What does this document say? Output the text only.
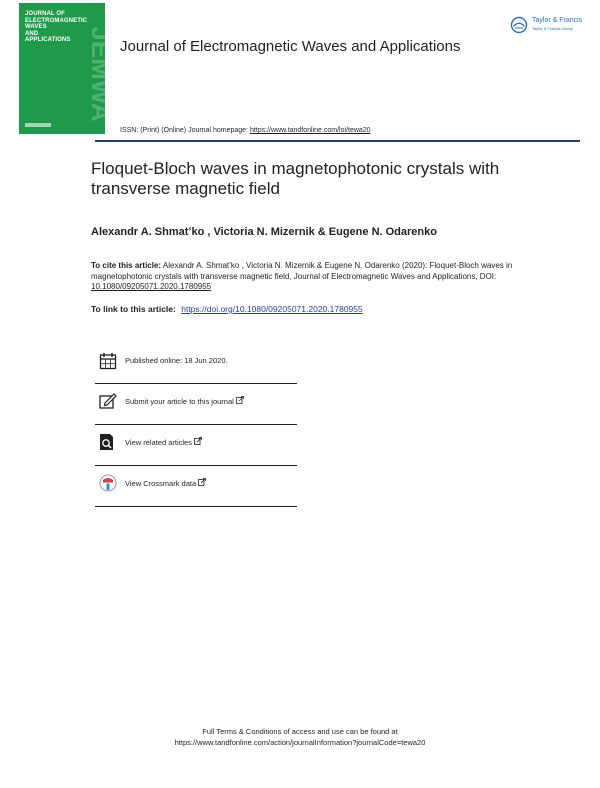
JOURNAL OF
ELECTROMAGNETIC
WAVES
AND
APPLICATIONS JEMWA Journal of Electromagnetic Waves and Applications
Taylor & Francis
Taylor & Francis Group
ISSN: (Print) (Online) Journal homepage: https://www.tandfonline.com/loi/tewa20
Floquet-Bloch waves in magnetophotonic crystals with transverse magnetic field
Alexandr A. Shmat’ko , Victoria N. Mizernik & Eugene N. Odarenko
To cite this article: Alexandr A. Shmat’ko , Victoria N. Mizernik & Eugene N. Odarenko (2020): Floquet-Bloch waves in magnetophotonic crystals with transverse magnetic field, Journal of Electromagnetic Waves and Applications, DOI: 10.1080/09205071.2020.1780955
To link to this article: https://doi.org/10.1080/09205071.2020.1780955
Published online: 18 Jun 2020.
Submit your article to this journal
View related articles
View Crossmark data
Full Terms & Conditions of access and use can be found at
https://www.tandfonline.com/action/journalInformation?journalCode=tewa20
